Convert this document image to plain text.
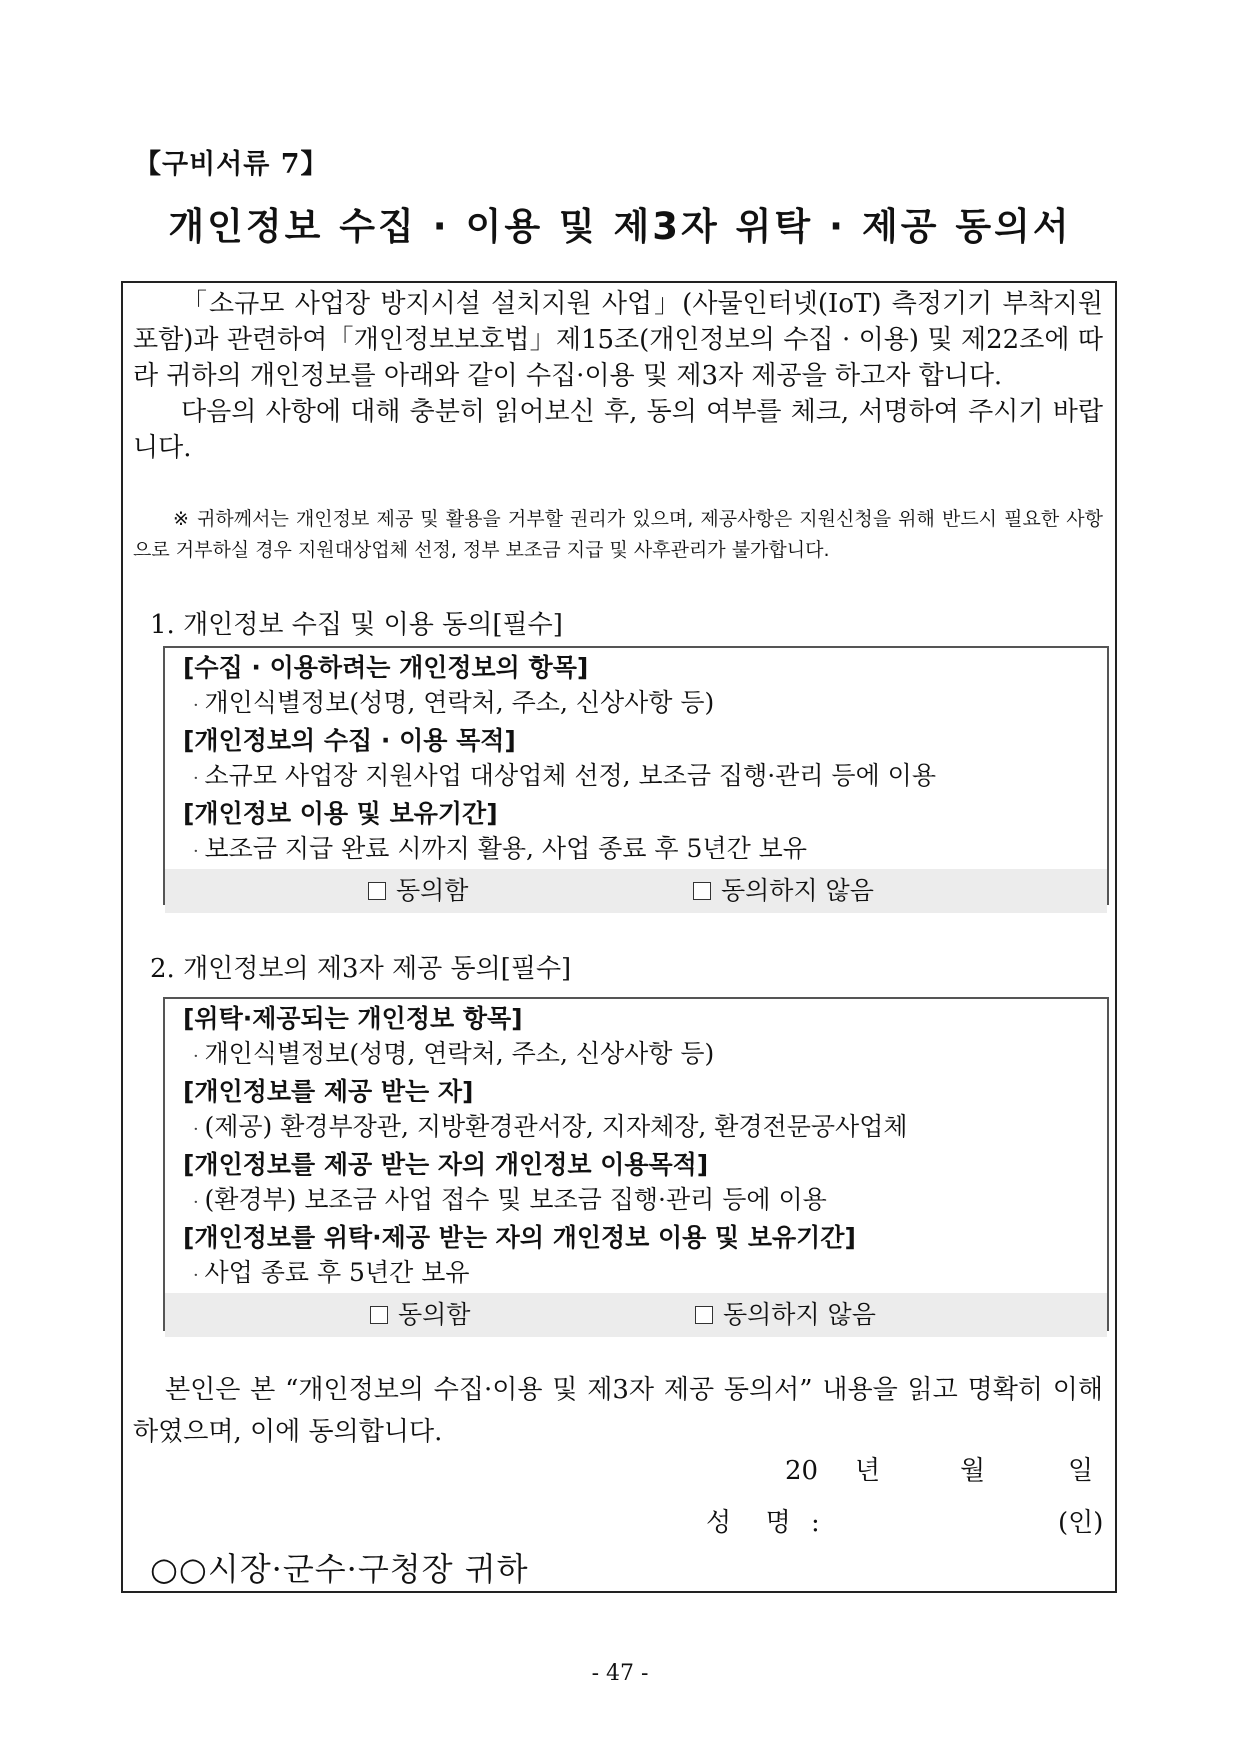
【구비서류 7】
개인정보 수집 · 이용 및 제3자 위탁 · 제공 동의서

「소규모 사업장 방지시설 설치지원 사업」(사물인터넷(IoT) 측정기기 부착지원 포함)과 관련하여「개인정보보호법」제15조(개인정보의 수집 · 이용) 및 제22조에 따라 귀하의 개인정보를 아래와 같이 수집·이용 및 제3자 제공을 하고자 합니다.

다음의 사항에 대해 충분히 읽어보신 후, 동의 여부를 체크, 서명하여 주시기 바랍니다.

※ 귀하께서는 개인정보 제공 및 활용을 거부할 권리가 있으며, 제공사항은 지원신청을 위해 반드시 필요한 사항으로 거부하실 경우 지원대상업체 선정, 정부 보조금 지급 및 사후관리가 불가합니다.

1. 개인정보 수집 및 이용 동의[필수]

[수집 · 이용하려는 개인정보의 항목]

· 개인식별정보(성명, 연락처, 주소, 신상사항 등)

[개인정보의 수집 · 이용 목적]

· 소규모 사업장 지원사업 대상업체 선정, 보조금 집행·관리 등에 이용

[개인정보 이용 및 보유기간]

· 보조금 지급 완료 시까지 활용, 사업 종료 후 5년간 보유

동의함	동의하지 않음

2. 개인정보의 제3자 제공 동의[필수]

[위탁·제공되는 개인정보 항목]

· 개인식별정보(성명, 연락처, 주소, 신상사항 등)

[개인정보를 제공 받는 자]

· (제공) 환경부장관, 지방환경관서장, 지자체장, 환경전문공사업체

[개인정보를 제공 받는 자의 개인정보 이용목적]

· (환경부) 보조금 사업 접수 및 보조금 집행·관리 등에 이용

[개인정보를 위탁·제공 받는 자의 개인정보 이용 및 보유기간]

· 사업 종료 후 5년간 보유

동의함	동의하지 않음

본인은 본 “개인정보의 수집·이용 및 제3자 제공 동의서” 내용을 읽고 명확히 이해하였으며, 이에 동의합니다.

20 년	월	일
성  명 :	(인)
○○시장·군수·구청장 귀하
- 47 -
